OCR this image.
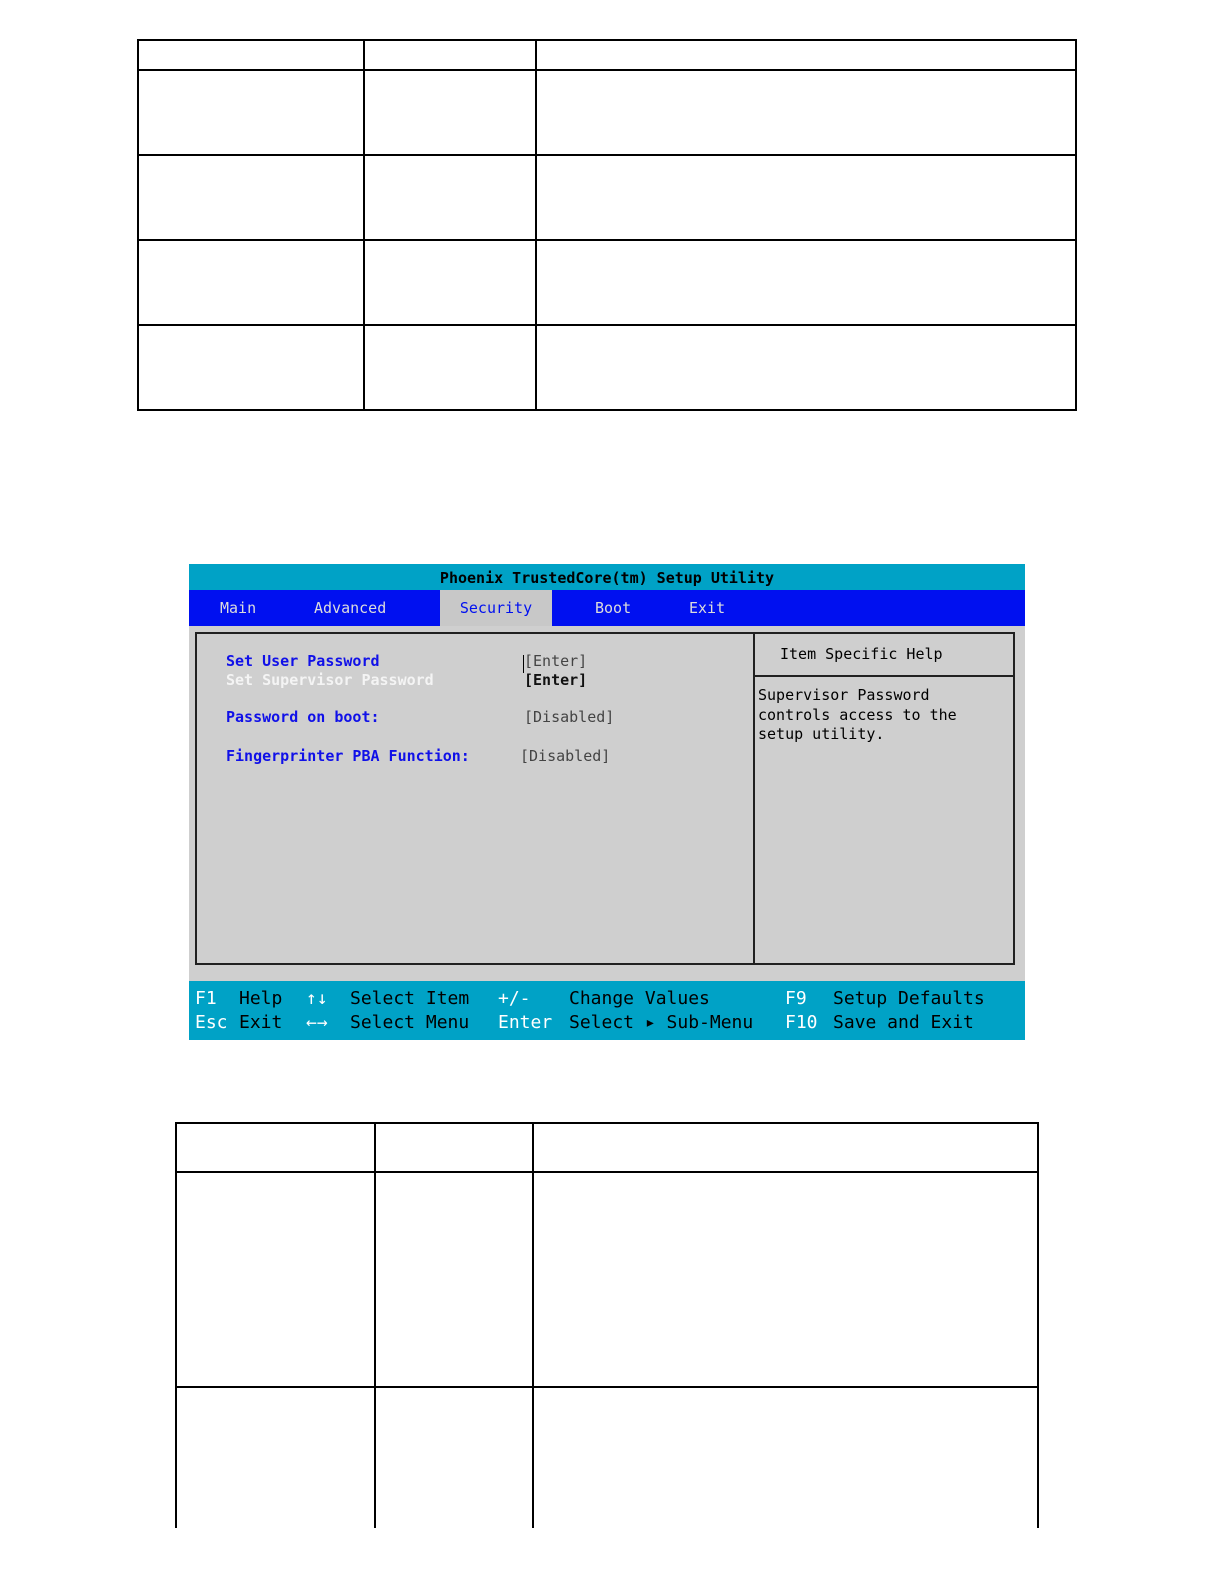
Phoenix TrustedCore(tm) Setup Utility
Main	Advanced	Security	Boot	Exit
Set User Password	[Enter]
Set Supervisor Password	[Enter]
Password on boot:	[Disabled]
Fingerprinter PBA Function:	[Disabled]
Item Specific Help
Supervisor Password
controls access to the
setup utility.
F1 Help ↑↓ Select Item +/- Change Values	F9 Setup Defaults
Esc Exit ←→ Select Menu Enter Select ▸ Sub-Menu F10 Save and Exit
